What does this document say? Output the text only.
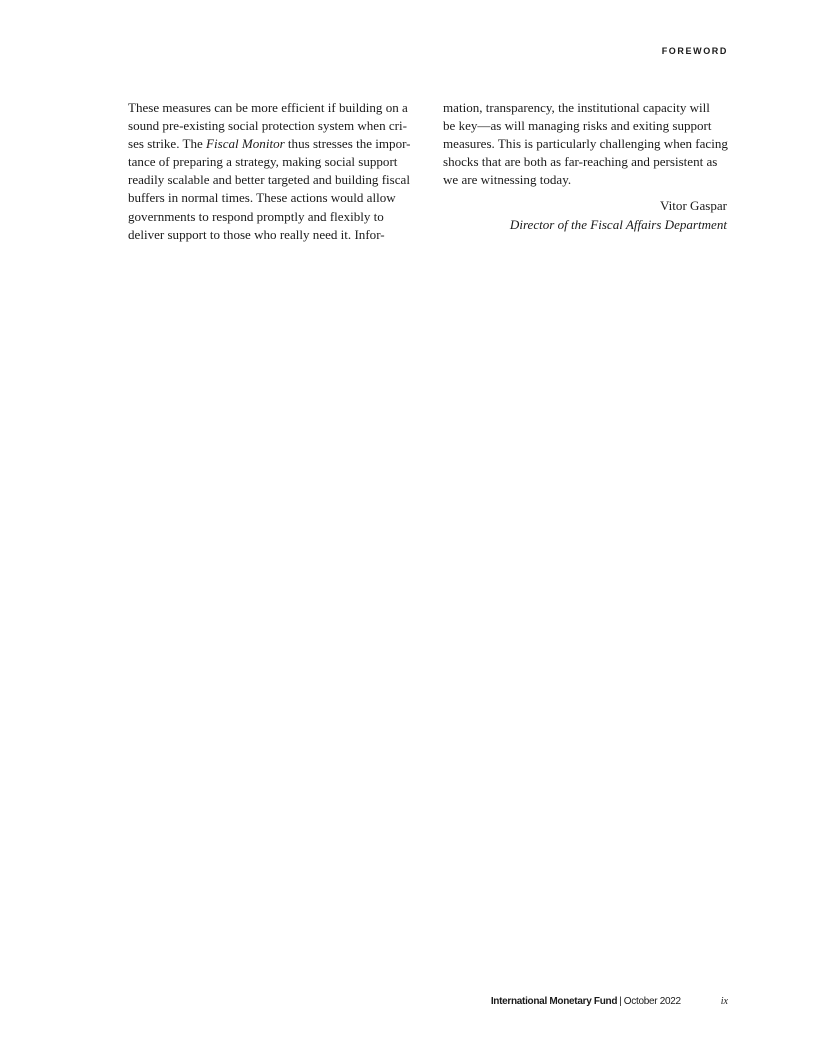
FOREWORD
These measures can be more efficient if building on a
sound pre-existing social protection system when cri-
ses strike. The Fiscal Monitor thus stresses the impor-
tance of preparing a strategy, making social support
readily scalable and better targeted and building fiscal
buffers in normal times. These actions would allow
governments to respond promptly and flexibly to
deliver support to those who really need it. Infor-
mation, transparency, the institutional capacity will
be key—as will managing risks and exiting support
measures. This is particularly challenging when facing
shocks that are both as far-reaching and persistent as
we are witnessing today.
Vitor Gaspar
Director of the Fiscal Affairs Department
International Monetary Fund | October 2022	ix
